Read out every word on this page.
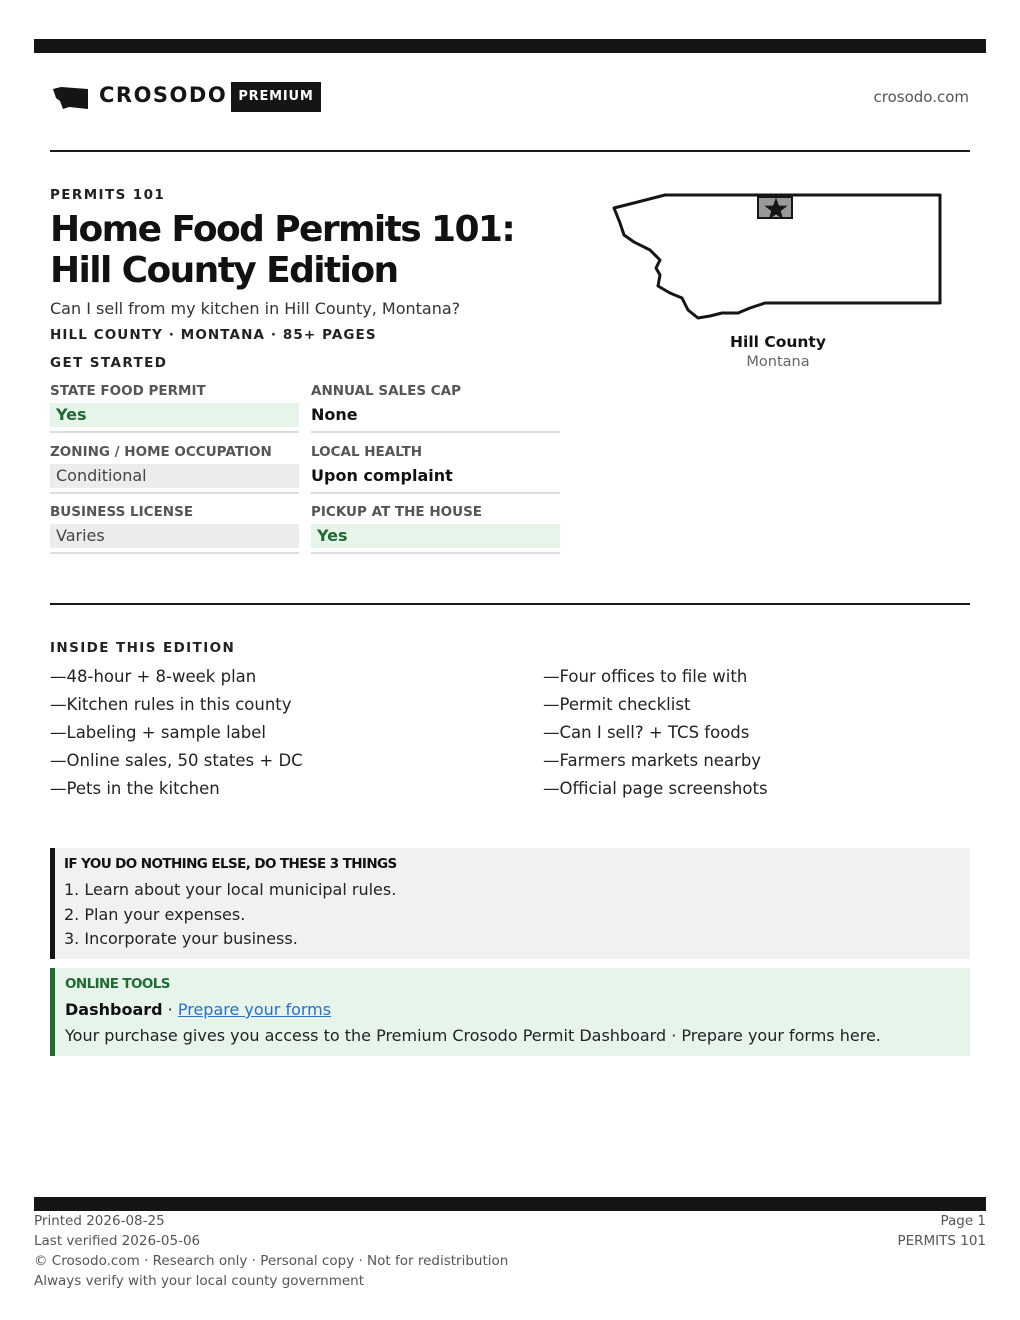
CROSODO PREMIUM	crosodo.com
PERMITS 101
Home Food Permits 101: Hill County Edition
Can I sell from my kitchen in Hill County, Montana?
HILL COUNTY · MONTANA · 85+ PAGES
GET STARTED
STATE FOOD PERMIT
Yes
ANNUAL SALES CAP
None
ZONING / HOME OCCUPATION
Conditional
LOCAL HEALTH
Upon complaint
BUSINESS LICENSE
Varies
PICKUP AT THE HOUSE
Yes
Hill County
Montana
INSIDE THIS EDITION
—48-hour + 8-week plan
—Kitchen rules in this county
—Labeling + sample label
—Online sales, 50 states + DC
—Pets in the kitchen
—Four offices to file with
—Permit checklist
—Can I sell? + TCS foods
—Farmers markets nearby
—Official page screenshots
IF YOU DO NOTHING ELSE, DO THESE 3 THINGS
1. Learn about your local municipal rules.
2. Plan your expenses.
3. Incorporate your business.
ONLINE TOOLS
Dashboard · Prepare your forms
Your purchase gives you access to the Premium Crosodo Permit Dashboard · Prepare your forms here.
Printed 2026-08-25
Last verified 2026-05-06
© Crosodo.com · Research only · Personal copy · Not for redistribution
Always verify with your local county government
Page 1
PERMITS 101
